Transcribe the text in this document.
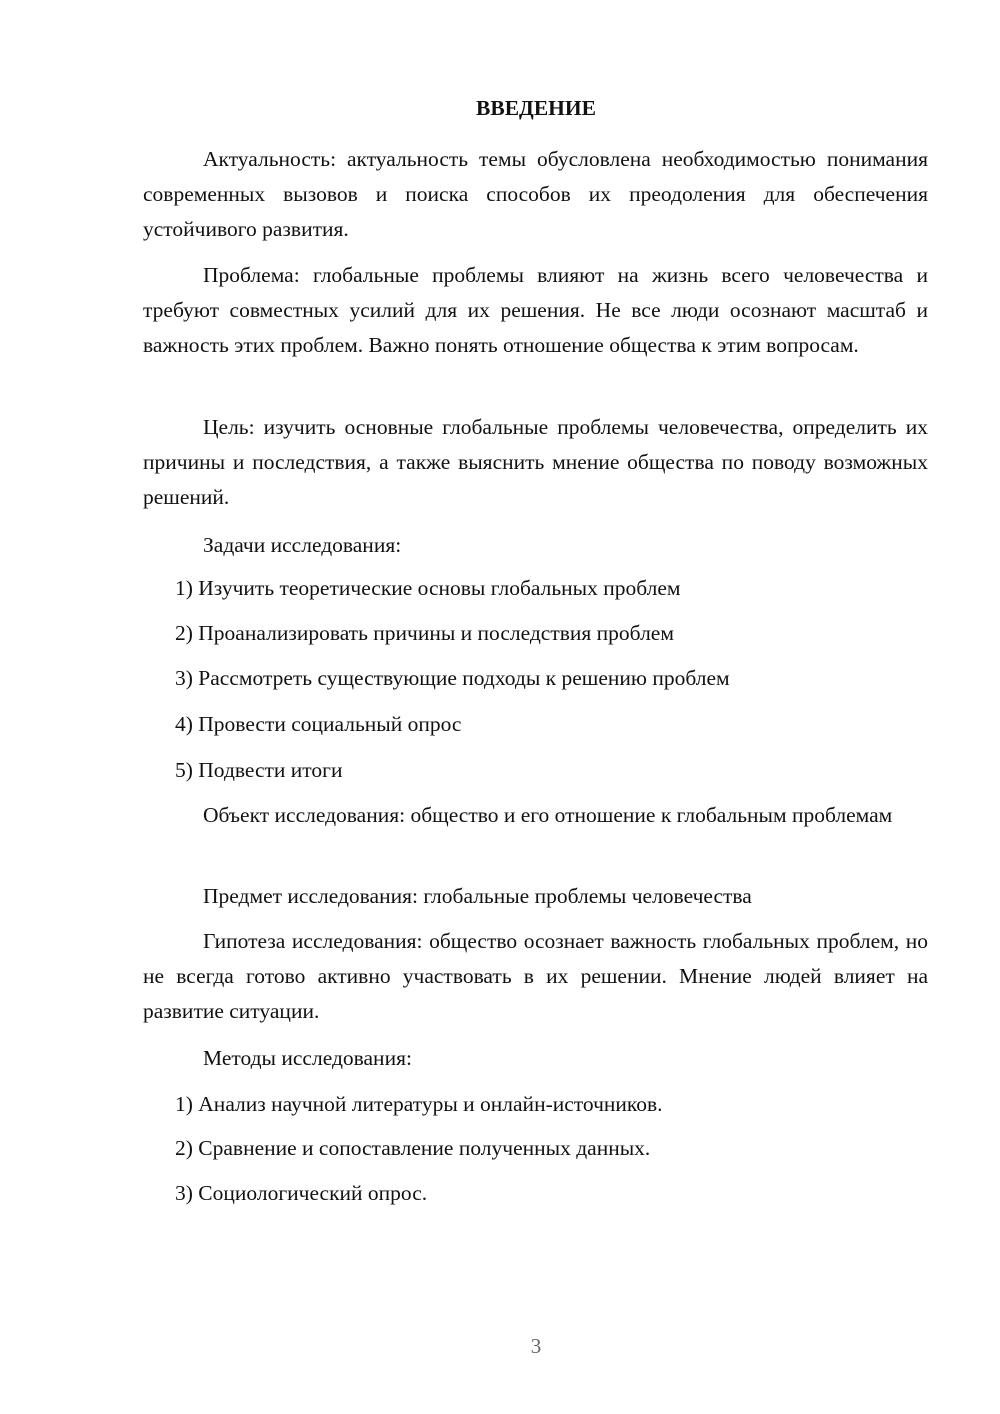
ВВЕДЕНИЕ

Актуальность: актуальность темы обусловлена необходимостью понимания современных вызовов и поиска способов их преодоления для обеспечения устойчивого развития.

Проблема: глобальные проблемы влияют на жизнь всего человечества и требуют совместных усилий для их решения. Не все люди осознают масштаб и важность этих проблем. Важно понять отношение общества к этим вопросам.

Цель: изучить основные глобальные проблемы человечества, определить их причины и последствия, а также выяснить мнение общества по поводу возможных решений.

Задачи исследования:

1) Изучить теоретические основы глобальных проблем

2) Проанализировать причины и последствия проблем

3) Рассмотреть существующие подходы к решению проблем

4) Провести социальный опрос

5) Подвести итоги

Объект исследования: общество и его отношение к глобальным проблемам

Предмет исследования: глобальные проблемы человечества

Гипотеза исследования: общество осознает важность глобальных проблем, но не всегда готово активно участвовать в их решении. Мнение людей влияет на развитие ситуации.

Методы исследования:

1) Анализ научной литературы и онлайн-источников.

2) Сравнение и сопоставление полученных данных.

3) Социологический опрос.

3
